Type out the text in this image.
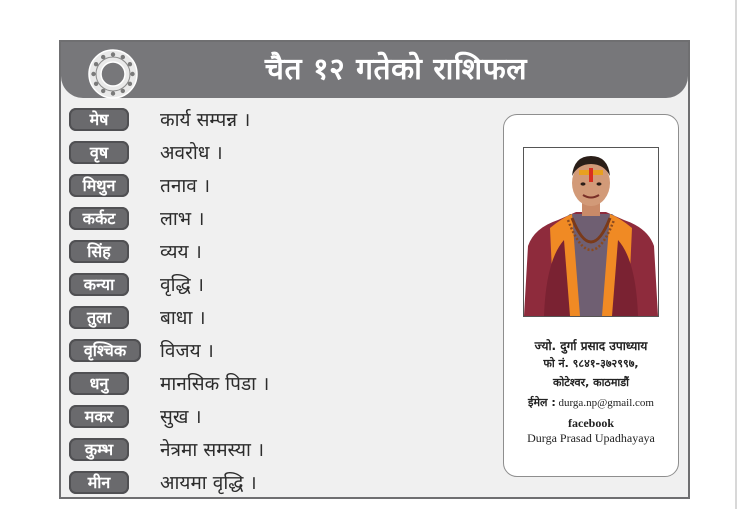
चैत १२ गतेको राशिफल
मेष	कार्य सम्पन्न ।
वृष	अवरोध ।
मिथुन	तनाव ।
कर्कट	लाभ ।
सिंह	व्यय ।
कन्या	वृद्धि ।
तुला	बाधा ।
वृश्चिक	विजय ।
धनु	मानसिक पिडा ।
मकर	सुख ।
कुम्भ	नेत्रमा समस्या ।
मीन	आयमा वृद्धि ।
ज्यो. दुर्गा प्रसाद उपाध्याय
फो नं. ९८४१-३७२९९७,
कोटेश्वर, काठमाडौं
ईमेल : durga.np@gmail.com
facebook
Durga Prasad Upadhayaya
